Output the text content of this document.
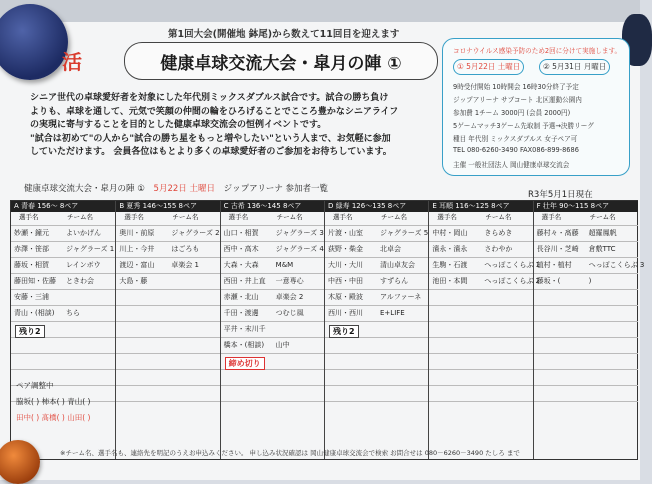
活
第1回大会(開催地 鉢尾)から数えて11回目を迎えます
健康卓球交流大会・皐月の陣 ①
シニア世代の卓球愛好者を対象にした年代別ミックスダブルス試合です。試合の勝ち負け
よりも、卓球を通して、元気で笑顔の仲間の輪をひろげることでこころ豊かなシニアライフ
の実現に寄与することを目的とした健康卓球交流会の恒例イベントです。
"試合は初めて"の人から"試合の勝ち星をもっと増やしたい"という人まで、お気軽に参加
していただけます。 会員各位はもとより多くの卓球愛好者のご参加をお待ちしています。
コロナウイルス感染予防のため2回に分けて実施します。
① 5月22日 土曜日	② 5月31日 月曜日
9時受付開始 10時開会 16時30分終了予定
ジップアリーナ サブコート 北区運動公園内
参加費 1チーム 3000円 (会員 2000円)
5ゲームマッチ3ゲーム先取制 予選→決勝リーグ
種目 年代別 ミックスダブルス 女子ペア可
TEL 080-6260-3490 FAX086-899-8686
主催 一般社団法人 岡山健康卓球交流会
健康卓球交流大会・皐月の陣 ① 5月22日 土曜日 ジップアリーナ 参加者一覧
R3年5月1日現在
A 青春 156～ 8ペア
選手名	チーム名
妙瀬・鐘元 よいかげん
赤澤・笹部 ジャグラーズ 1
藤坂・相賀 レインボウ
藤田知・佐藤 ときわ会
安藤・三浦
青山・(相談) ちら
残り2
B 夏秀 146～155 8ペア
選手名	チーム名
奥川・前原 ジャグラーズ 2
川上・今井 はごろも
渡辺・富山 卓楽会 1
大島・藤
C 古希 136～145 8ペア
選手名	チーム名
山口・相賀 ジャグラーズ 3
西中・高木 ジャグラーズ 4
大森・大森 M&M
西田・井上直 一意専心
赤瀬・北山 卓楽会 2
千田・渡邊 つむじ風
平井・末川千
橋本・(相談) 山中
締め切り
D 緑寿 126～135 8ペア
選手名	チーム名
片渡・山室 ジャグラーズ 5
荻野・柴金 北卓会
大川・大川 清山卓友会
中西・中田 すずらん
木原・殿波 アルファーネ
西川・西川 E+LIFE
残り2
E 耳順 116～125 8ペア
選手名	チーム名
中村・岡山 きらめき
濱永・濱永 さわやか
生駒・石渡 へっぽこくらぶ 1
池田・本間 へっぽこくらぶ 2
F 壮年 90～115 8ペア
選手名	チーム名
藤村々・髙藤 超羅鳳帆
長谷川・芝崎 倉敷TTC
植村・植村 へっぽこくらぶ 3
藤坂・(	)
ペア調整中
脇坂( ) 柿本( ) 青山( )
田中( ) 髙橋( ) 山田( )
※チーム名、選手名も、連絡先を明記のうえお申込みください。 申し込み状況確認は 岡山健康卓球交流会で検索 お問合せは 080－6260－3490 たしろ まで
